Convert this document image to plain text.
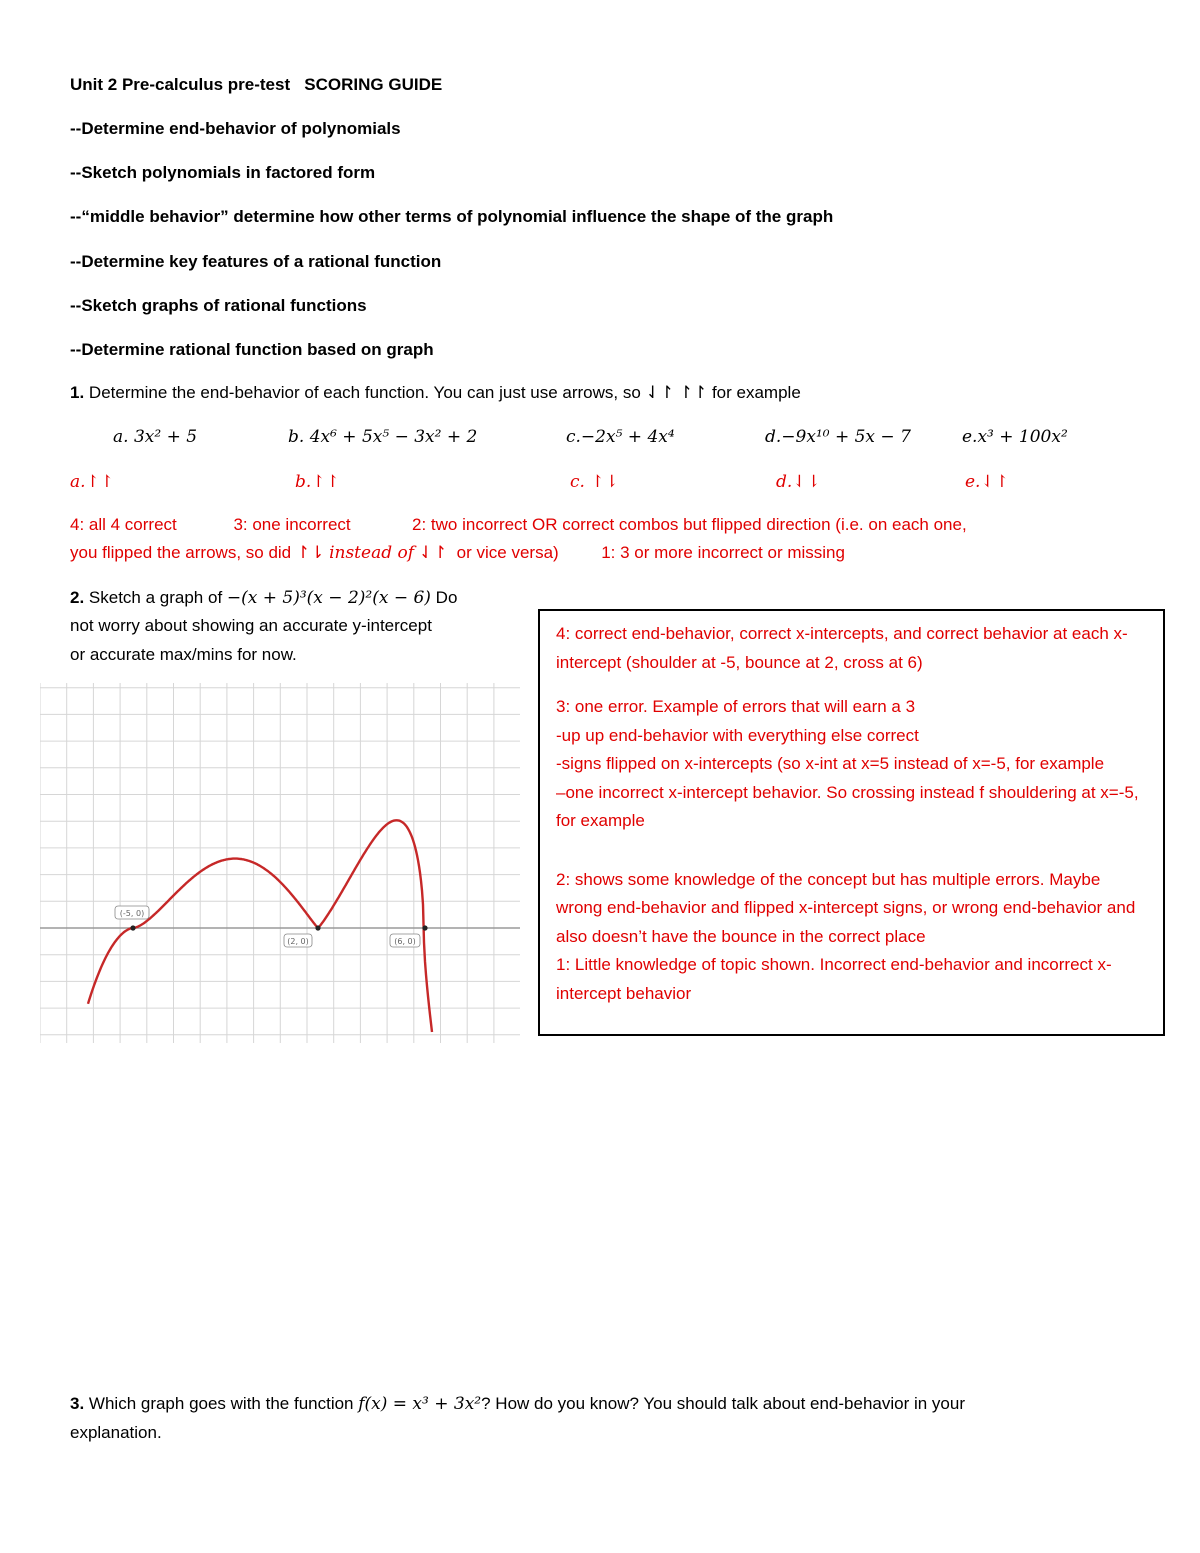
Unit 2 Pre-calculus pre-test SCORING GUIDE
--Determine end-behavior of polynomials
--Sketch polynomials in factored form
--“middle behavior” determine how other terms of polynomial influence the shape of the graph
--Determine key features of a rational function
--Sketch graphs of rational functions
--Determine rational function based on graph
1. Determine the end-behavior of each function. You can just use arrows, so ⇃↾ ↾↾ for example
a. 3x² + 5	b. 4x⁶ + 5x⁵ − 3x² + 2	c.−2x⁵ + 4x⁴	d.−9x¹⁰ + 5x − 7	e.x³ + 100x²
a.↾↾	b.↾↾	c. ↾⇂	d.⇃⇂	e.⇃↾
4: all 4 correct            3: one incorrect             2: two incorrect OR correct combos but flipped direction (i.e. on each one,
you flipped the arrows, so did ↾⇂ instead of ⇃↾  or vice versa)         1: 3 or more incorrect or missing
2. Sketch a graph of −(x + 5)³(x − 2)²(x − 6) Do
not worry about showing an accurate y-intercept
or accurate max/mins for now.
(-5, 0)
(2, 0)	(6, 0)

4: correct end-behavior, correct x-intercepts, and correct behavior at each x-intercept (shoulder at -5, bounce at 2, cross at 6)

3: one error. Example of errors that will earn a 3

-up up end-behavior with everything else correct

-signs flipped on x-intercepts (so x-int at x=5 instead of x=-5, for example

–one incorrect x-intercept behavior. So crossing instead f shouldering at x=-5, for example

2: shows some knowledge of the concept but has multiple errors. Maybe wrong end-behavior and flipped x-intercept signs, or wrong end-behavior and also doesn’t have the bounce in the correct place

1: Little knowledge of topic shown. Incorrect end-behavior and incorrect x-intercept behavior

3. Which graph goes with the function f(x) = x³ + 3x²? How do you know? You should talk about end-behavior in your
explanation.
